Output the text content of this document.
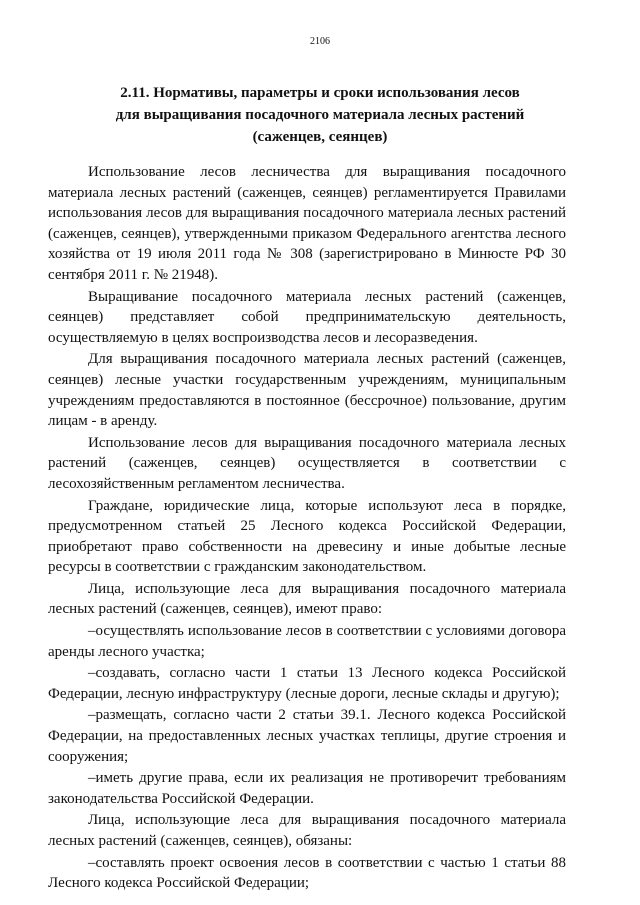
2106
2.11. Нормативы, параметры и сроки использования лесов
для выращивания посадочного материала лесных растений
(саженцев, сеянцев)

Использование лесов лесничества для выращивания посадочного материала лесных растений (саженцев, сеянцев) регламентируется Правилами использования лесов для выращивания посадочного материала лесных растений (саженцев, сеянцев), утвержденными приказом Федерального агентства лесного хозяйства от 19 июля 2011 года № 308 (зарегистрировано в Минюсте РФ 30 сентября 2011 г. № 21948).

Выращивание посадочного материала лесных растений (саженцев, сеянцев) представляет собой предпринимательскую деятельность, осуществляемую в целях воспроизводства лесов и лесоразведения.

Для выращивания посадочного материала лесных растений (саженцев, сеянцев) лесные участки государственным учреждениям, муниципальным учреждениям предоставляются в постоянное (бессрочное) пользование, другим лицам - в аренду.

Использование лесов для выращивания посадочного материала лесных растений (саженцев, сеянцев) осуществляется в соответствии с лесохозяйственным регламентом лесничества.

Граждане, юридические лица, которые используют леса в порядке, предусмотренном статьей 25 Лесного кодекса Российской Федерации, приобретают право собственности на древесину и иные добытые лесные ресурсы в соответствии с гражданским законодательством.

Лица, использующие леса для выращивания посадочного материала лесных растений (саженцев, сеянцев), имеют право:

–осуществлять использование лесов в соответствии с условиями договора аренды лесного участка;

–создавать, согласно части 1 статьи 13 Лесного кодекса Российской Федерации, лесную инфраструктуру (лесные дороги, лесные склады и другую);

–размещать, согласно части 2 статьи 39.1. Лесного кодекса Российской Федерации, на предоставленных лесных участках теплицы, другие строения и сооружения;

–иметь другие права, если их реализация не противоречит требованиям законодательства Российской Федерации.

Лица, использующие леса для выращивания посадочного материала лесных растений (саженцев, сеянцев), обязаны:

–составлять проект освоения лесов в соответствии с частью 1 статьи 88 Лесного кодекса Российской Федерации;
